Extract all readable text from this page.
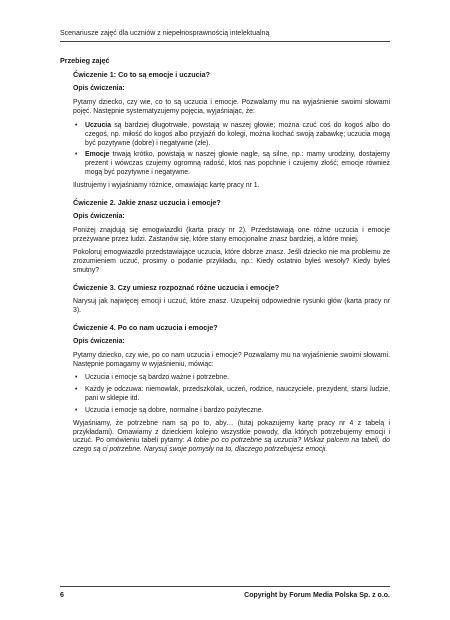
Scenariusze zajęć dla uczniów z niepełnosprawnością intelektualną
Przebieg zajęć
Ćwiczenie 1: Co to są emocje i uczucia?
Opis ćwiczenia:

Pytamy dziecko, czy wie, co to są uczucia i emocje. Pozwalamy mu na wyjaśnienie swoimi słowami pojęć. Następnie systematyzujemy pojęcia, wyjaśniając, że:

• Uczucia są bardziej długotrwałe, powstają w naszej głowie; można czuć coś do kogoś albo do czegoś, np. miłość do kogoś albo przyjaźń do kolegi, można kochać swoją zabawkę; uczucia mogą być pozytywne (dobre) i negatywne (złe).
• Emocje trwają krótko, powstają w naszej głowie nagle, są silne, np.: mamy urodziny, dostajemy prezent i wówczas czujemy ogromną radość, ktoś nas popchnie i czujemy złość; emocje również mogą być pozytywne i negatywne.

Ilustrujemy i wyjaśniamy różnice, omawiając kartę pracy nr 1.

Ćwiczenie 2. Jakie znasz uczucia i emocje?
Opis ćwiczenia:

Poniżej znajdują się emogwiazdki (karta pracy nr 2). Przedstawiają one różne uczucia i emocje przeżywane przez ludzi. Zastanów się, które stany emocjonalne znasz bardziej, a które mniej.

Pokoloruj emogwiazdki przedstawiające uczucia, które dobrze znasz. Jeśli dziecko nie ma problemu ze zrozumieniem uczuć, prosimy o podanie przykładu, np.: Kiedy ostatnio byłeś wesoły? Kiedy byłeś smutny?

Ćwiczenie 3. Czy umiesz rozpoznać różne uczucia i emocje?

Narysuj jak najwięcej emocji i uczuć, które znasz. Uzupełnij odpowiednie rysunki głów (karta pracy nr 3).

Ćwiczenie 4. Po co nam uczucia i emocje?
Opis ćwiczenia:

Pytamy dziecko, czy wie, po co nam uczucia i emocje? Pozwalamy mu na wyjaśnienie swoimi słowami. Następnie pomagamy w wyjaśnieniu, mówiąc:

• Uczucia i emocje są bardzo ważne i potrzebne.
• Każdy je odczuwa: niemowlak, przedszkolak, uczeń, rodzice, nauczyciele, prezydent, starsi ludzie, pani w sklepie itd.
• Uczucia i emocje są dobre, normalne i bardzo pożyteczne.

Wyjaśniamy, że potrzebne nam są po to, aby… (tutaj pokazujemy kartę pracy nr 4 z tabelą i przykładami). Omawiamy z dzieckiem kolejno wszystkie powody, dla których potrzebujemy emocji i uczuć. Po omówieniu tabeli pytamy: A tobie po co potrzebne są uczucia? Wskaż palcem na tabeli, do czego są ci potrzebne. Narysuj swoje pomysły na to, dlaczego potrzebujesz emocji.

6	Copyright by Forum Media Polska Sp. z o.o.
